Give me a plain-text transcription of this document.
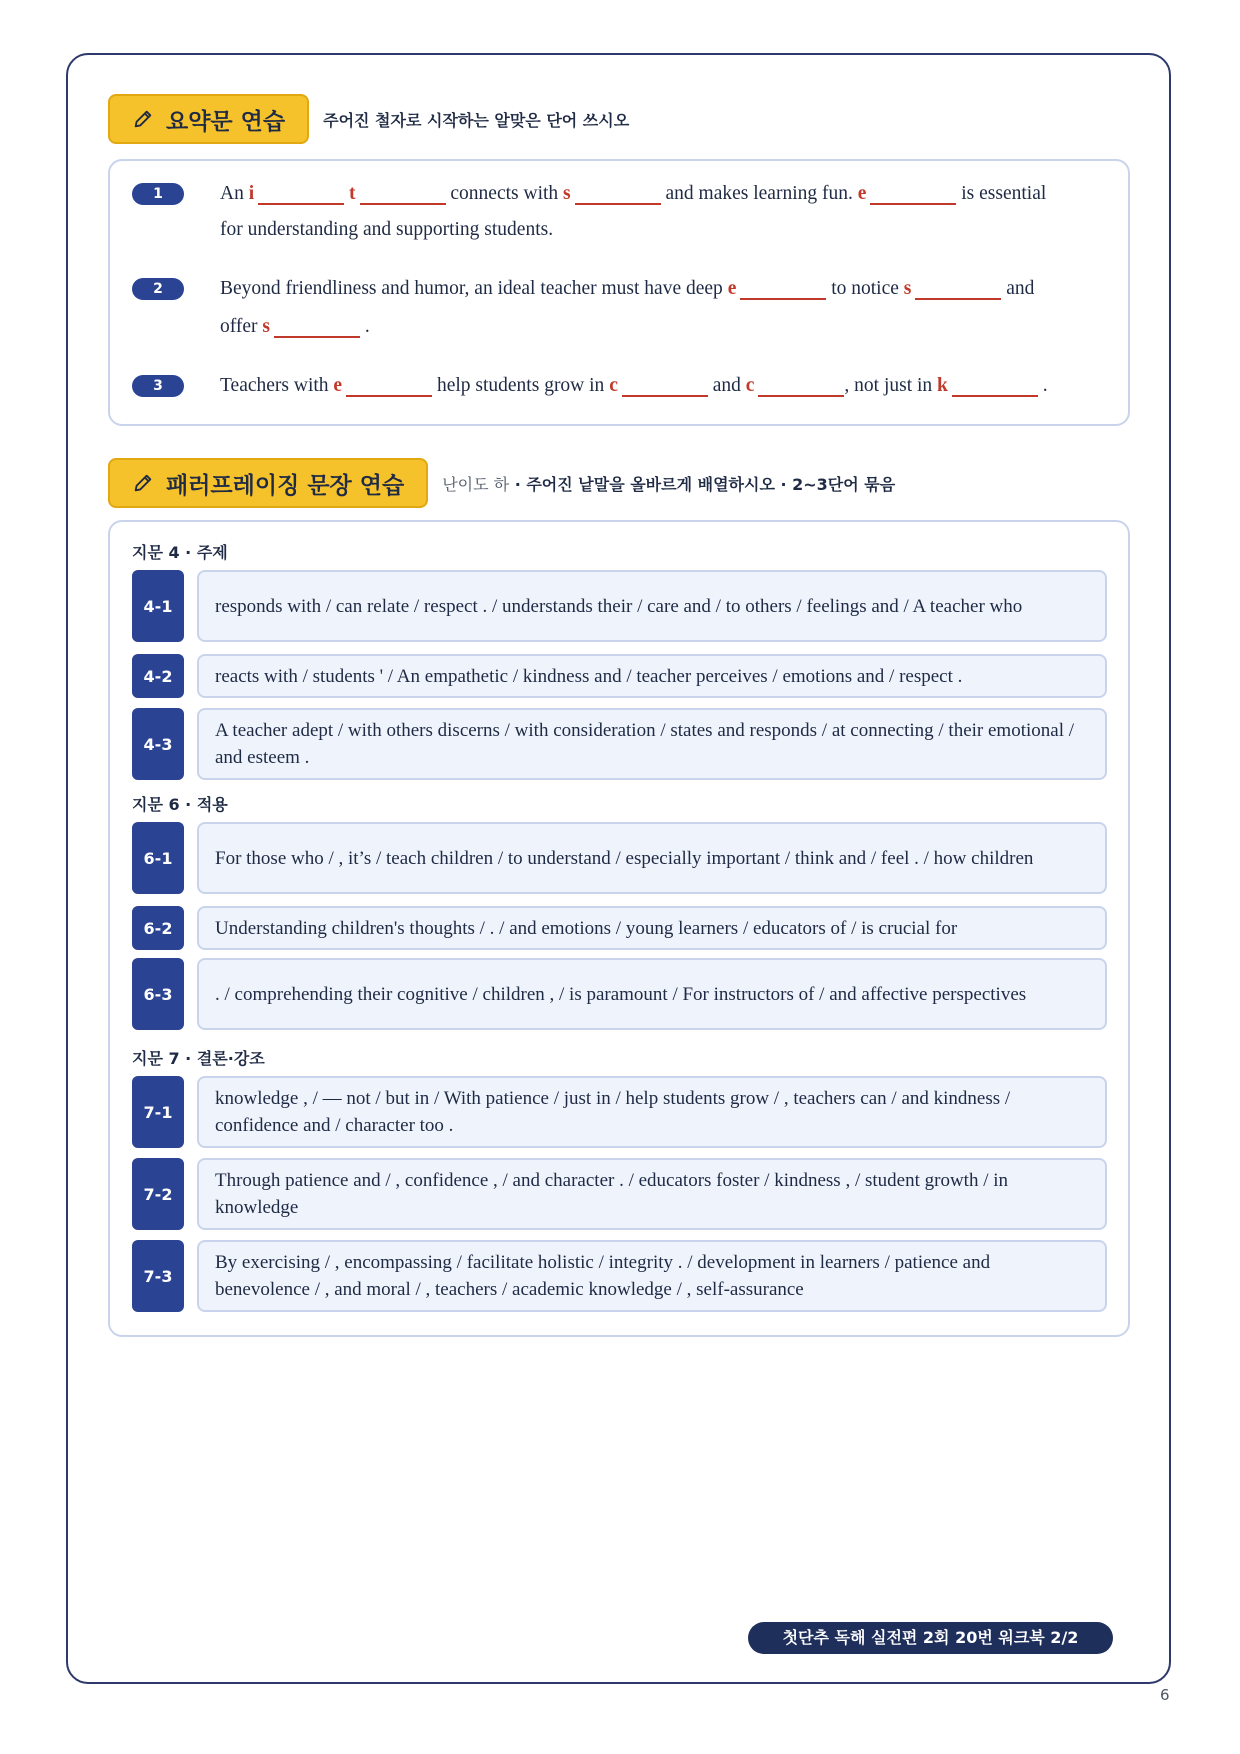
요약문 연습 주어진 철자로 시작하는 알맞은 단어 쓰시오
1	An i	t	connects with s	and makes learning fun. e	is essential
for understanding and supporting students.
2	Beyond friendliness and humor, an ideal teacher must have deep e	to notice s	and
offer s	.
3	Teachers with e	help students grow in c	and c	, not just in k	.
패러프레이징 문장 연습 난이도 하 · 주어진 낱말을 올바르게 배열하시오 · 2~3단어 묶음
지문 4 · 주제
4-1	responds with / can relate / respect . / understands their / care and / to others / feelings and / A teacher who
4-2	reacts with / students ' / An empathetic / kindness and / teacher perceives / emotions and / respect .
4-3
A teacher adept / with others discerns / with consideration / states and responds / at connecting / their emotional / and esteem .
지문 6 · 적용
6-1	For those who / , it’s / teach children / to understand / especially important / think and / feel . / how children
6-2	Understanding children's thoughts / . / and emotions / young learners / educators of / is crucial for
6-3	. / comprehending their cognitive / children , / is paramount / For instructors of / and affective perspectives
지문 7 · 결론·강조
7-1
knowledge , / — not / but in / With patience / just in / help students grow / , teachers can / and kindness / confidence and / character too .
7-2
Through patience and / , confidence , / and character . / educators foster / kindness , / student growth / in knowledge
7-3
By exercising / , encompassing / facilitate holistic / integrity . / development in learners / patience and benevolence / , and moral / , teachers / academic knowledge / , self-assurance
첫단추 독해 실전편 2회 20번 워크북 2/2
6
